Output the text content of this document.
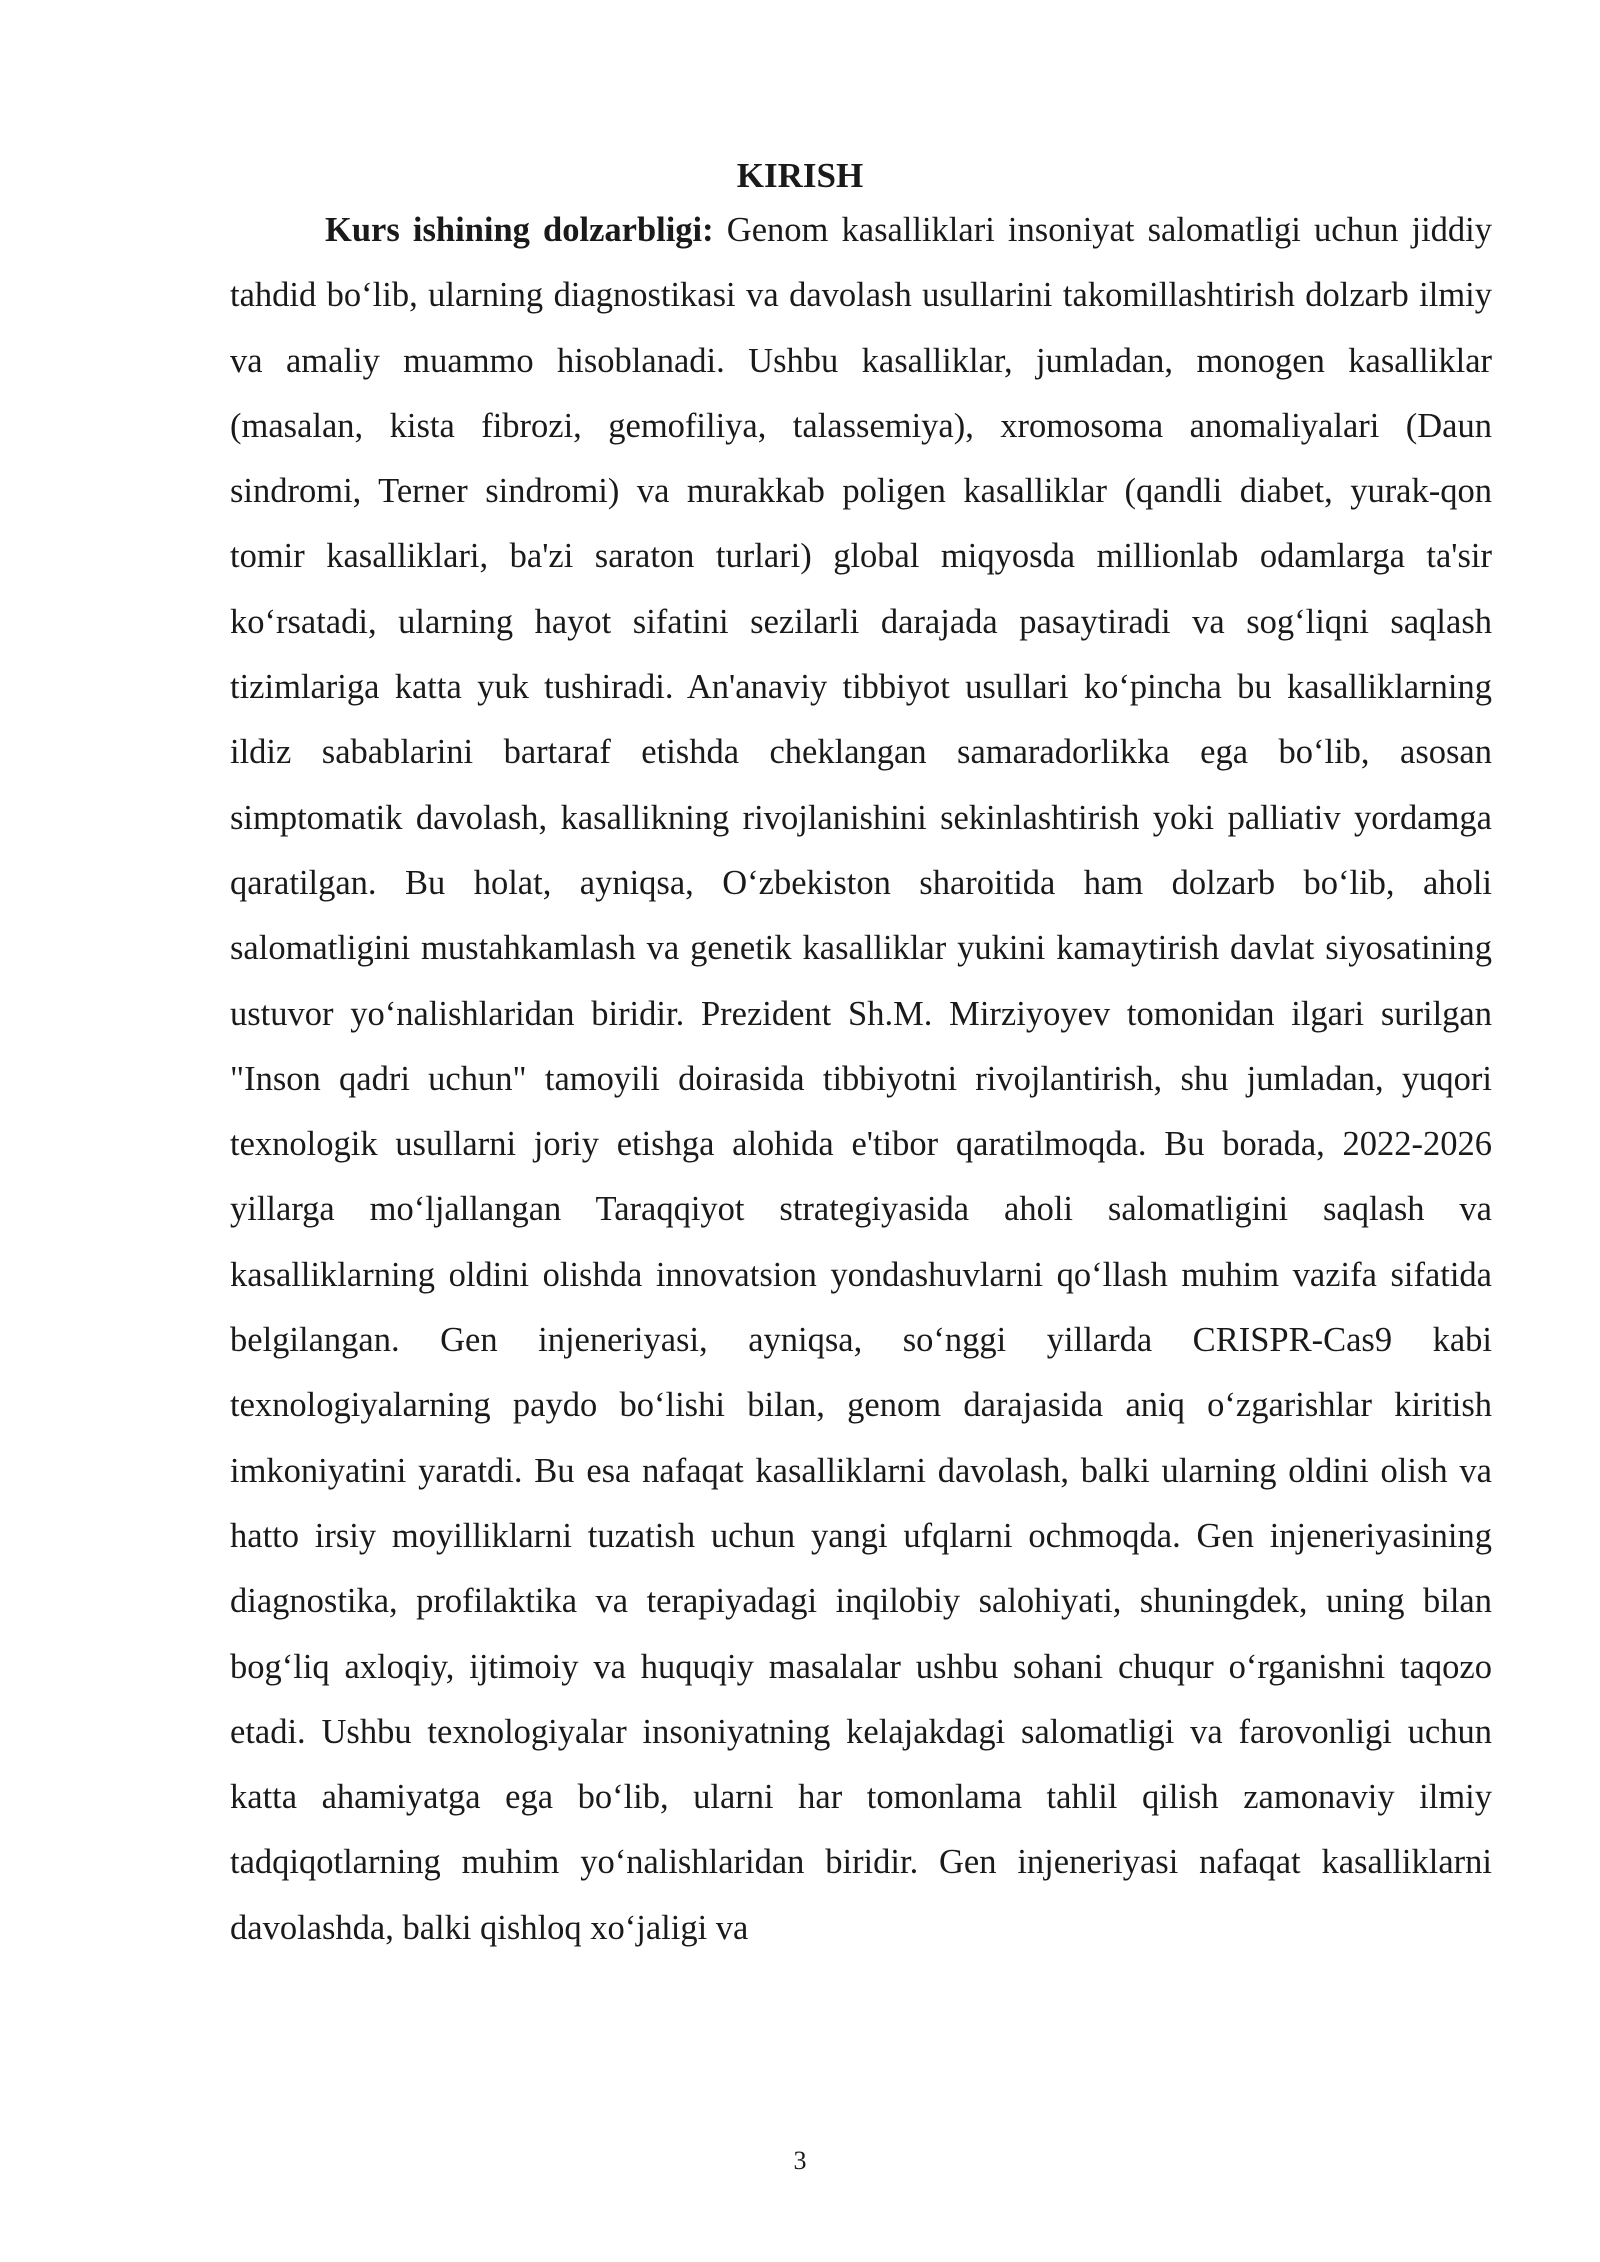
KIRISH

Kurs ishining dolzarbligi: Genom kasalliklari insoniyat salomatligi uchun jiddiy tahdid bo‘lib, ularning diagnostikasi va davolash usullarini takomillashtirish dolzarb ilmiy va amaliy muammo hisoblanadi. Ushbu kasalliklar, jumladan, monogen kasalliklar (masalan, kista fibrozi, gemofiliya, talassemiya), xromosoma anomaliyalari (Daun sindromi, Terner sindromi) va murakkab poligen kasalliklar (qandli diabet, yurak-qon tomir kasalliklari, ba'zi saraton turlari) global miqyosda millionlab odamlarga ta'sir ko‘rsatadi, ularning hayot sifatini sezilarli darajada pasaytiradi va sog‘liqni saqlash tizimlariga katta yuk tushiradi. An'anaviy tibbiyot usullari ko‘pincha bu kasalliklarning ildiz sabablarini bartaraf etishda cheklangan samaradorlikka ega bo‘lib, asosan simptomatik davolash, kasallikning rivojlanishini sekinlashtirish yoki palliativ yordamga qaratilgan. Bu holat, ayniqsa, O‘zbekiston sharoitida ham dolzarb bo‘lib, aholi salomatligini mustahkamlash va genetik kasalliklar yukini kamaytirish davlat siyosatining ustuvor yo‘nalishlaridan biridir. Prezident Sh.M. Mirziyoyev tomonidan ilgari surilgan "Inson qadri uchun" tamoyili doirasida tibbiyotni rivojlantirish, shu jumladan, yuqori texnologik usullarni joriy etishga alohida e'tibor qaratilmoqda. Bu borada, 2022-2026 yillarga mo‘ljallangan Taraqqiyot strategiyasida aholi salomatligini saqlash va kasalliklarning oldini olishda innovatsion yondashuvlarni qo‘llash muhim vazifa sifatida belgilangan. Gen injeneriyasi, ayniqsa, so‘nggi yillarda CRISPR-Cas9 kabi texnologiyalarning paydo bo‘lishi bilan, genom darajasida aniq o‘zgarishlar kiritish imkoniyatini yaratdi. Bu esa nafaqat kasalliklarni davolash, balki ularning oldini olish va hatto irsiy moyilliklarni tuzatish uchun yangi ufqlarni ochmoqda. Gen injeneriyasining diagnostika, profilaktika va terapiyadagi inqilobiy salohiyati, shuningdek, uning bilan bog‘liq axloqiy, ijtimoiy va huquqiy masalalar ushbu sohani chuqur o‘rganishni taqozo etadi. Ushbu texnologiyalar insoniyatning kelajakdagi salomatligi va farovonligi uchun katta ahamiyatga ega bo‘lib, ularni har tomonlama tahlil qilish zamonaviy ilmiy tadqiqotlarning muhim yo‘nalishlaridan biridir. Gen injeneriyasi nafaqat kasalliklarni davolashda, balki qishloq xo‘jaligi va

3
